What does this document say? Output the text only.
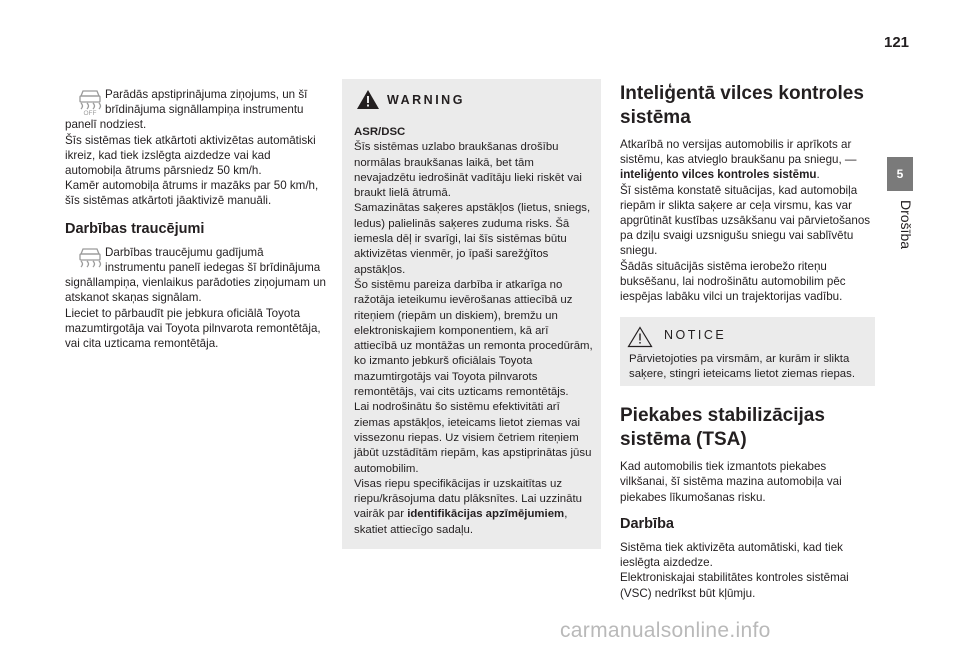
121
5
Drošība
OFF

Parādās apstiprinājuma ziņojums, un šī

brīdinājuma signāllampiņa instrumentu

panelī nodziest.

Šīs sistēmas tiek atkārtoti aktivizētas automātiski ikreiz, kad tiek izslēgta aizdedze vai kad automobiļa ātrums pārsniedz 50 km/h.

Kamēr automobiļa ātrums ir mazāks par 50 km/h, šīs sistēmas atkārtoti jāaktivizē manuāli.

Darbības traucējumi

Darbības traucējumu gadījumā

instrumentu panelī iedegas šī brīdinājuma

signāllampiņa, vienlaikus parādoties ziņojumam un atskanot skaņas signālam.

Lieciet to pārbaudīt pie jebkura oficiālā Toyota mazumtirgotāja vai Toyota pilnvarota remontētāja, vai cita uzticama remontētāja.

WARNING

ASR/DSC

Šīs sistēmas uzlabo braukšanas drošību normālas braukšanas laikā, bet tām nevajadzētu iedrošināt vadītāju lieki riskēt vai braukt lielā ātrumā.

Samazinātas saķeres apstākļos (lietus, sniegs, ledus) palielinās saķeres zuduma risks. Šā iemesla dēļ ir svarīgi, lai šīs sistēmas būtu aktivizētas vienmēr, jo īpaši sarežģītos apstākļos.

Šo sistēmu pareiza darbība ir atkarīga no ražotāja ieteikumu ievērošanas attiecībā uz riteņiem (riepām un diskiem), bremžu un elektroniskajiem komponentiem, kā arī attiecībā uz montāžas un remonta procedūrām, ko izmanto jebkurš oficiālais Toyota mazumtirgotājs vai Toyota pilnvarots remontētājs, vai cits uzticams remontētājs.

Lai nodrošinātu šo sistēmu efektivitāti arī ziemas apstākļos, ieteicams lietot ziemas vai vissezonu riepas. Uz visiem četriem riteņiem jābūt uzstādītām riepām, kas apstiprinātas jūsu automobilim.

Visas riepu specifikācijas ir uzskaitītas uz riepu/krāsojuma datu plāksnītes. Lai uzzinātu vairāk par identifikācijas apzīmējumiem, skatiet attiecīgo sadaļu.

Inteliģentā vilces kontroles sistēma

Atkarībā no versijas automobilis ir aprīkots ar sistēmu, kas atvieglo braukšanu pa sniegu, — inteliģento vilces kontroles sistēmu.

Šī sistēma konstatē situācijas, kad automobiļa riepām ir slikta saķere ar ceļa virsmu, kas var apgrūtināt kustības uzsākšanu vai pārvietošanos pa dziļu svaigi uzsnigušu sniegu vai sablīvētu sniegu.

Šādās situācijās sistēma ierobežo riteņu buksēšanu, lai nodrošinātu automobilim pēc iespējas labāku vilci un trajektorijas vadību.

NOTICE
Pārvietojoties pa virsmām, ar kurām ir slikta saķere, stingri ieteicams lietot ziemas riepas.
Piekabes stabilizācijas sistēma (TSA)

Kad automobilis tiek izmantots piekabes vilkšanai, šī sistēma mazina automobiļa vai piekabes līkumošanas risku.

Darbība

Sistēma tiek aktivizēta automātiski, kad tiek ieslēgta aizdedze.

Elektroniskajai stabilitātes kontroles sistēmai (VSC) nedrīkst būt kļūmju.

carmanualsonline.info
